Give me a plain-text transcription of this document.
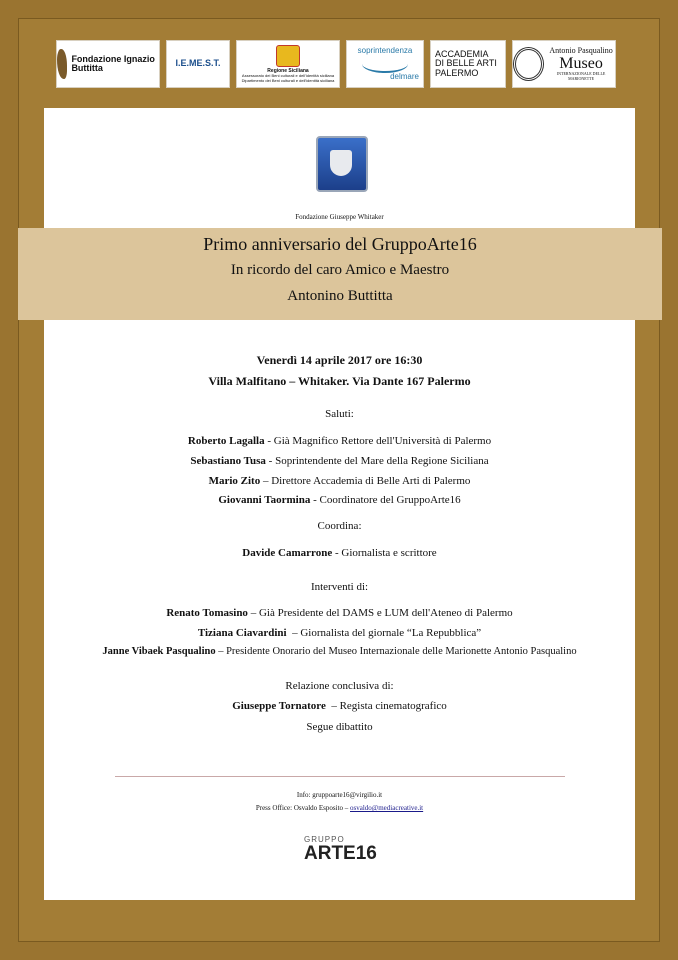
Fondazione Ignazio Buttitta	I.E.ME.S.T.
Regione Siciliana
Assessorato dei Beni culturali e dell'identità siciliana
Dipartimento dei Beni culturali e dell'identità siciliana
soprintendenza
delmare
ACCADEMIA
DI BELLE ARTI
PALERMO
Antonio Pasqualino
Museo
INTERNAZIONALE DELLE MARIONETTE
Fondazione Giuseppe Whitaker
Primo anniversario del GruppoArte16
In ricordo del caro Amico e Maestro
Antonino Buttitta
Venerdì 14 aprile 2017 ore 16:30
Villa Malfitano – Whitaker. Via Dante 167 Palermo
Saluti:
Roberto Lagalla - Già Magnifico Rettore dell'Università di Palermo
Sebastiano Tusa - Soprintendente del Mare della Regione Siciliana
Mario Zito – Direttore Accademia di Belle Arti di Palermo
Giovanni Taormina - Coordinatore del GruppoArte16
Coordina:
Davide Camarrone - Giornalista e scrittore
Interventi di:
Renato Tomasino – Già Presidente del DAMS e LUM dell'Ateneo di Palermo
Tiziana Ciavardini  – Giornalista del giornale “La Repubblica”
Janne Vibaek Pasqualino – Presidente Onorario del Museo Internazionale delle Marionette Antonio Pasqualino
Relazione conclusiva di:
Giuseppe Tornatore  – Regista cinematografico
Segue dibattito
Info: gruppoarte16@virgilio.it
Press Office: Osvaldo Esposito – osvaldo@mediacreative.it
GRUPPO
ARTE16
